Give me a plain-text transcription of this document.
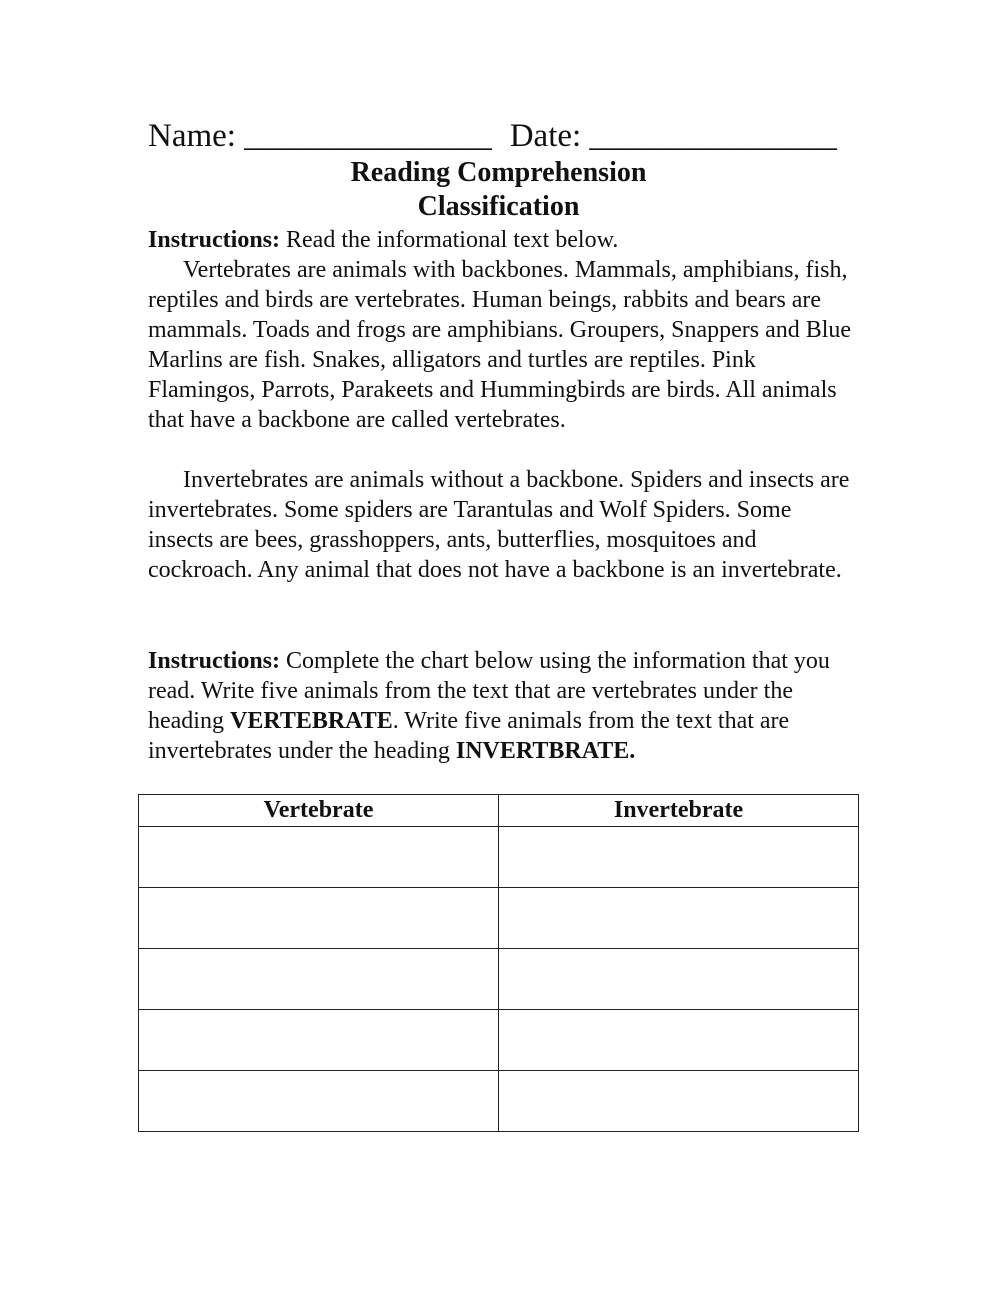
Name: _______________ Date: _______________
Reading Comprehension
Classification

Instructions: Read the informational text below.

Vertebrates are animals with backbones. Mammals, amphibians, fish, reptiles and birds are vertebrates. Human beings, rabbits and bears are mammals. Toads and frogs are amphibians. Groupers, Snappers and Blue Marlins are fish. Snakes, alligators and turtles are reptiles. Pink Flamingos, Parrots, Parakeets and Hummingbirds are birds. All animals that have a backbone are called vertebrates.

Invertebrates are animals without a backbone. Spiders and insects are invertebrates. Some spiders are Tarantulas and Wolf Spiders. Some insects are bees, grasshoppers, ants, butterflies, mosquitoes and cockroach. Any animal that does not have a backbone is an invertebrate.

Instructions: Complete the chart below using the information that you read. Write five animals from the text that are vertebrates under the heading VERTEBRATE. Write five animals from the text that are invertebrates under the heading INVERTBRATE.

Vertebrate	Invertebrate
